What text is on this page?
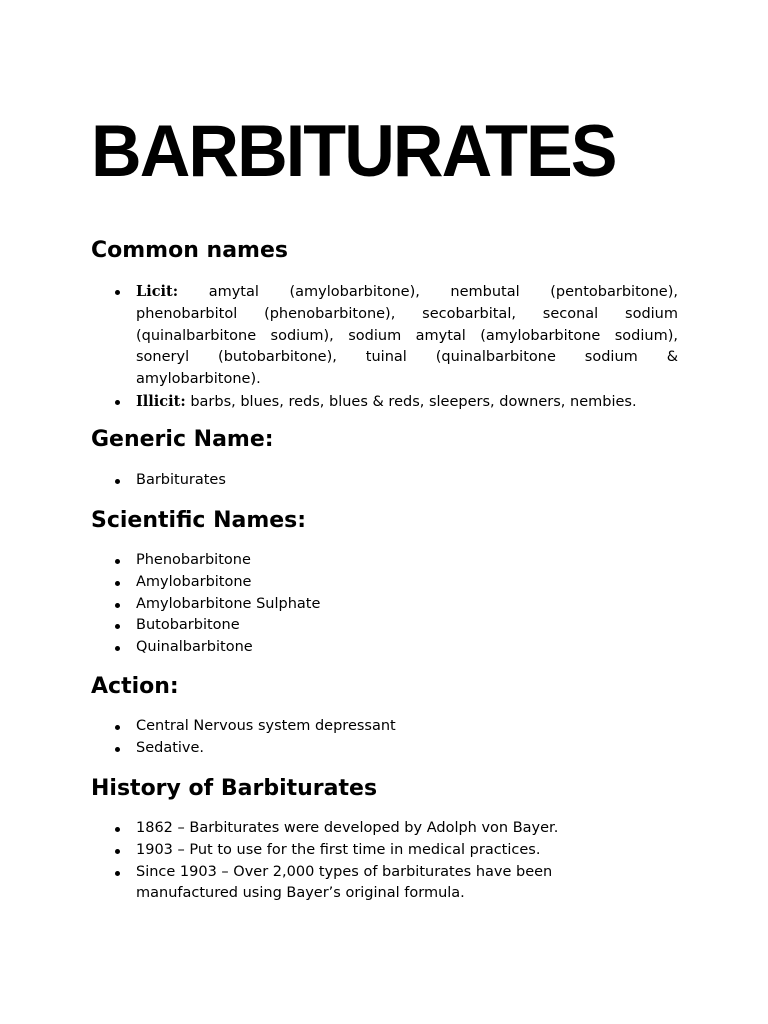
BARBITURATES
Common names
Licit: amytal (amylobarbitone), nembutal (pentobarbitone), phenobarbitol (phenobarbitone), secobarbital, seconal sodium (quinalbarbitone sodium), sodium amytal (amylobarbitone sodium), soneryl (butobarbitone), tuinal (quinalbarbitone sodium & amylobarbitone).
Illicit: barbs, blues, reds, blues & reds, sleepers, downers, nembies.
Generic Name:
Barbiturates
Scientific Names:
Phenobarbitone
Amylobarbitone
Amylobarbitone Sulphate
Butobarbitone
Quinalbarbitone
Action:
Central Nervous system depressant
Sedative.
History of Barbiturates
1862 – Barbiturates were developed by Adolph von Bayer.
1903 – Put to use for the first time in medical practices.
Since 1903 – Over 2,000 types of barbiturates have been manufactured using Bayer’s original formula.
